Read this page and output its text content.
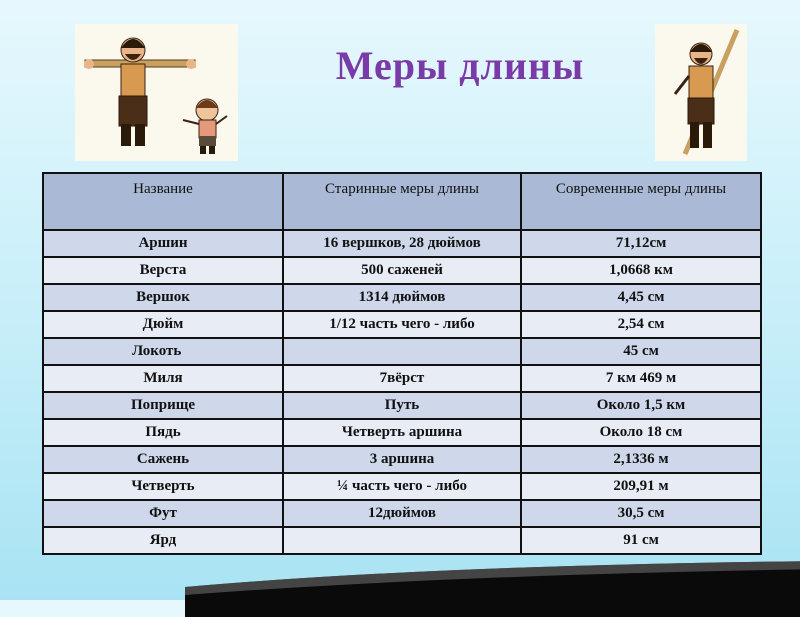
Меры длины
Название	Старинные меры длины	Современные меры длины
Аршин	16 вершков, 28 дюймов	71,12см
Верста	500 саженей	1,0668 км
Вершок	1314 дюймов	4,45 см
Дюйм	1/12 часть чего - либо	2,54 см
Локоть		45 см
Миля	7вёрст	7 км 469 м
Поприще	Путь	Около 1,5 км
Пядь	Четверть аршина	Около 18 см
Сажень	3 аршина	2,1336 м
Четверть	¼ часть чего - либо	209,91 м
Фут	12дюймов	30,5 см
Ярд		91 см
